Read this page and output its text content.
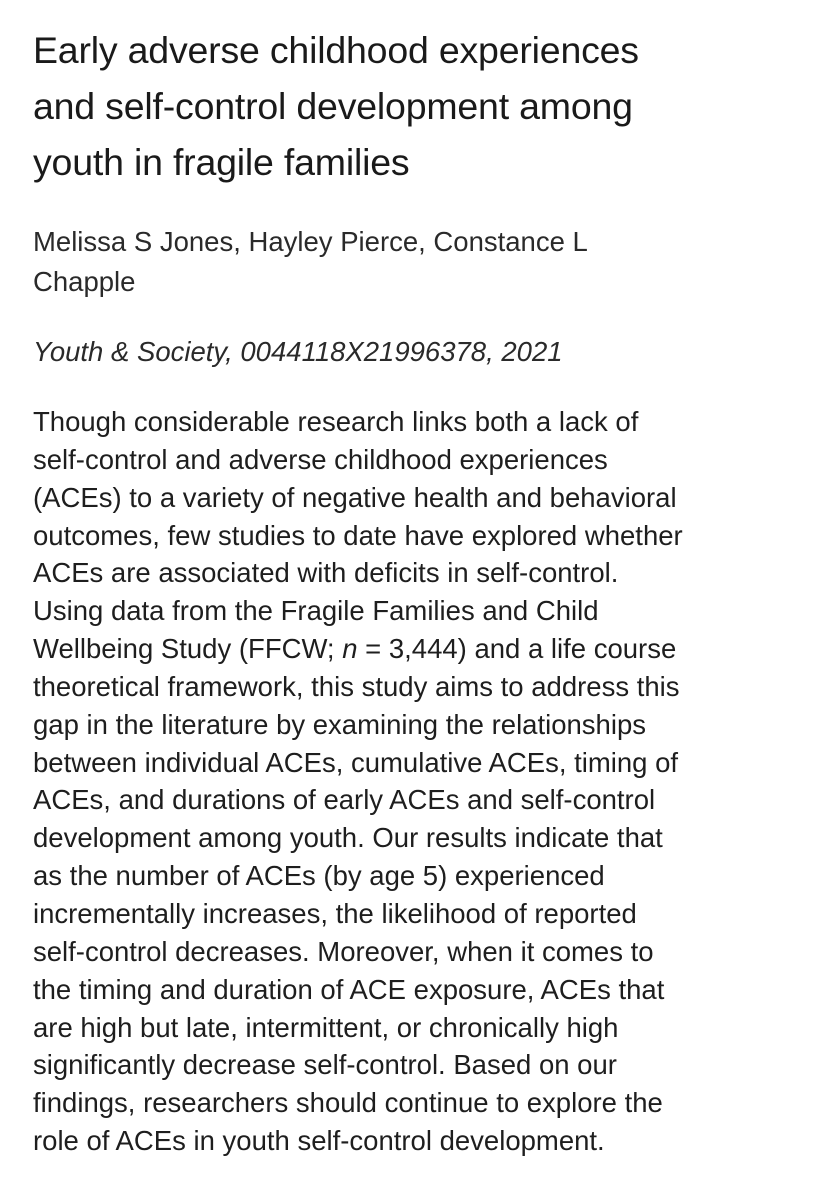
Early adverse childhood experiences
and self-control development among
youth in fragile families

Melissa S Jones, Hayley Pierce, Constance L
Chapple

Youth & Society, 0044118X21996378, 2021

Though considerable research links both a lack of
self-control and adverse childhood experiences
(ACEs) to a variety of negative health and behavioral
outcomes, few studies to date have explored whether
ACEs are associated with deficits in self-control.
Using data from the Fragile Families and Child
Wellbeing Study (FFCW; n = 3,444) and a life course
theoretical framework, this study aims to address this
gap in the literature by examining the relationships
between individual ACEs, cumulative ACEs, timing of
ACEs, and durations of early ACEs and self-control
development among youth. Our results indicate that
as the number of ACEs (by age 5) experienced
incrementally increases, the likelihood of reported
self-control decreases. Moreover, when it comes to
the timing and duration of ACE exposure, ACEs that
are high but late, intermittent, or chronically high
significantly decrease self-control. Based on our
findings, researchers should continue to explore the
role of ACEs in youth self-control development.
